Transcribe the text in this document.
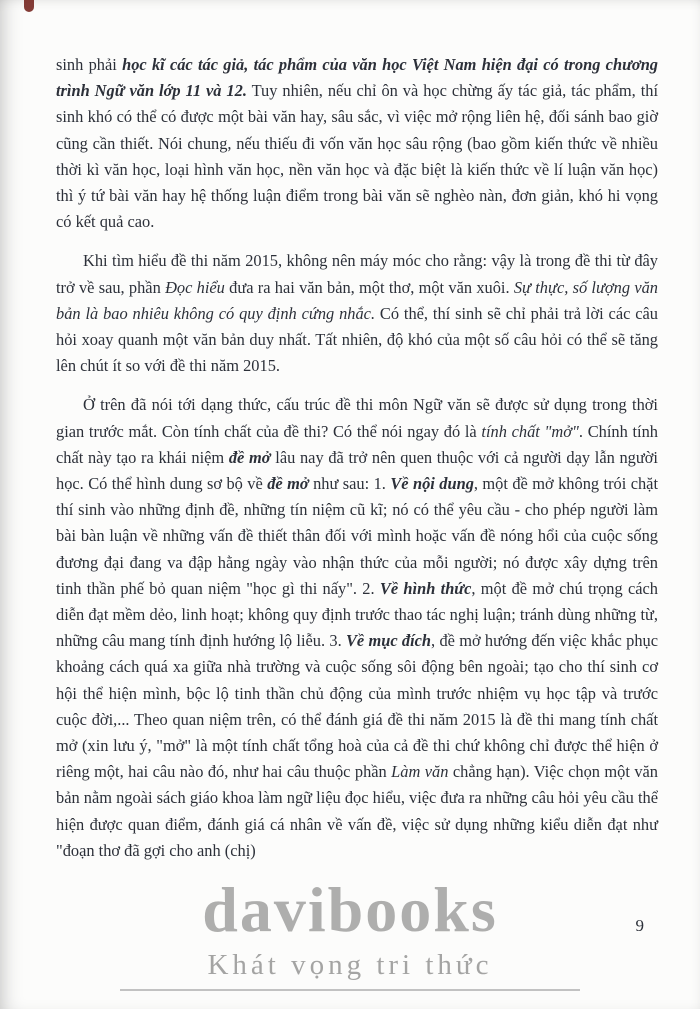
sinh phải học kĩ các tác giả, tác phẩm của văn học Việt Nam hiện đại có trong chương trình Ngữ văn lớp 11 và 12. Tuy nhiên, nếu chỉ ôn và học chừng ấy tác giả, tác phẩm, thí sinh khó có thể có được một bài văn hay, sâu sắc, vì việc mở rộng liên hệ, đối sánh bao giờ cũng cần thiết. Nói chung, nếu thiếu đi vốn văn học sâu rộng (bao gồm kiến thức về nhiều thời kì văn học, loại hình văn học, nền văn học và đặc biệt là kiến thức về lí luận văn học) thì ý tứ bài văn hay hệ thống luận điểm trong bài văn sẽ nghèo nàn, đơn giản, khó hi vọng có kết quả cao.

Khi tìm hiểu đề thi năm 2015, không nên máy móc cho rằng: vậy là trong đề thi từ đây trở về sau, phần Đọc hiểu đưa ra hai văn bản, một thơ, một văn xuôi. Sự thực, số lượng văn bản là bao nhiêu không có quy định cứng nhắc. Có thể, thí sinh sẽ chỉ phải trả lời các câu hỏi xoay quanh một văn bản duy nhất. Tất nhiên, độ khó của một số câu hỏi có thể sẽ tăng lên chút ít so với đề thi năm 2015.

Ở trên đã nói tới dạng thức, cấu trúc đề thi môn Ngữ văn sẽ được sử dụng trong thời gian trước mắt. Còn tính chất của đề thi? Có thể nói ngay đó là tính chất "mở". Chính tính chất này tạo ra khái niệm đề mở lâu nay đã trở nên quen thuộc với cả người dạy lẫn người học. Có thể hình dung sơ bộ về đề mở như sau: 1. Về nội dung, một đề mở không trói chặt thí sinh vào những định đề, những tín niệm cũ kĩ; nó có thể yêu cầu - cho phép người làm bài bàn luận về những vấn đề thiết thân đối với mình hoặc vấn đề nóng hổi của cuộc sống đương đại đang va đập hằng ngày vào nhận thức của mỗi người; nó được xây dựng trên tinh thần phế bỏ quan niệm "học gì thi nấy". 2. Về hình thức, một đề mở chú trọng cách diễn đạt mềm dẻo, linh hoạt; không quy định trước thao tác nghị luận; tránh dùng những từ, những câu mang tính định hướng lộ liễu. 3. Về mục đích, đề mở hướng đến việc khắc phục khoảng cách quá xa giữa nhà trường và cuộc sống sôi động bên ngoài; tạo cho thí sinh cơ hội thể hiện mình, bộc lộ tinh thần chủ động của mình trước nhiệm vụ học tập và trước cuộc đời,... Theo quan niệm trên, có thể đánh giá đề thi năm 2015 là đề thi mang tính chất mở (xin lưu ý, "mở" là một tính chất tổng hoà của cả đề thi chứ không chỉ được thể hiện ở riêng một, hai câu nào đó, như hai câu thuộc phần Làm văn chẳng hạn). Việc chọn một văn bản nằm ngoài sách giáo khoa làm ngữ liệu đọc hiểu, việc đưa ra những câu hỏi yêu cầu thể hiện được quan điểm, đánh giá cá nhân về vấn đề, việc sử dụng những kiểu diễn đạt như "đoạn thơ đã gợi cho anh (chị)

davibooks
Khát vọng tri thức
9
